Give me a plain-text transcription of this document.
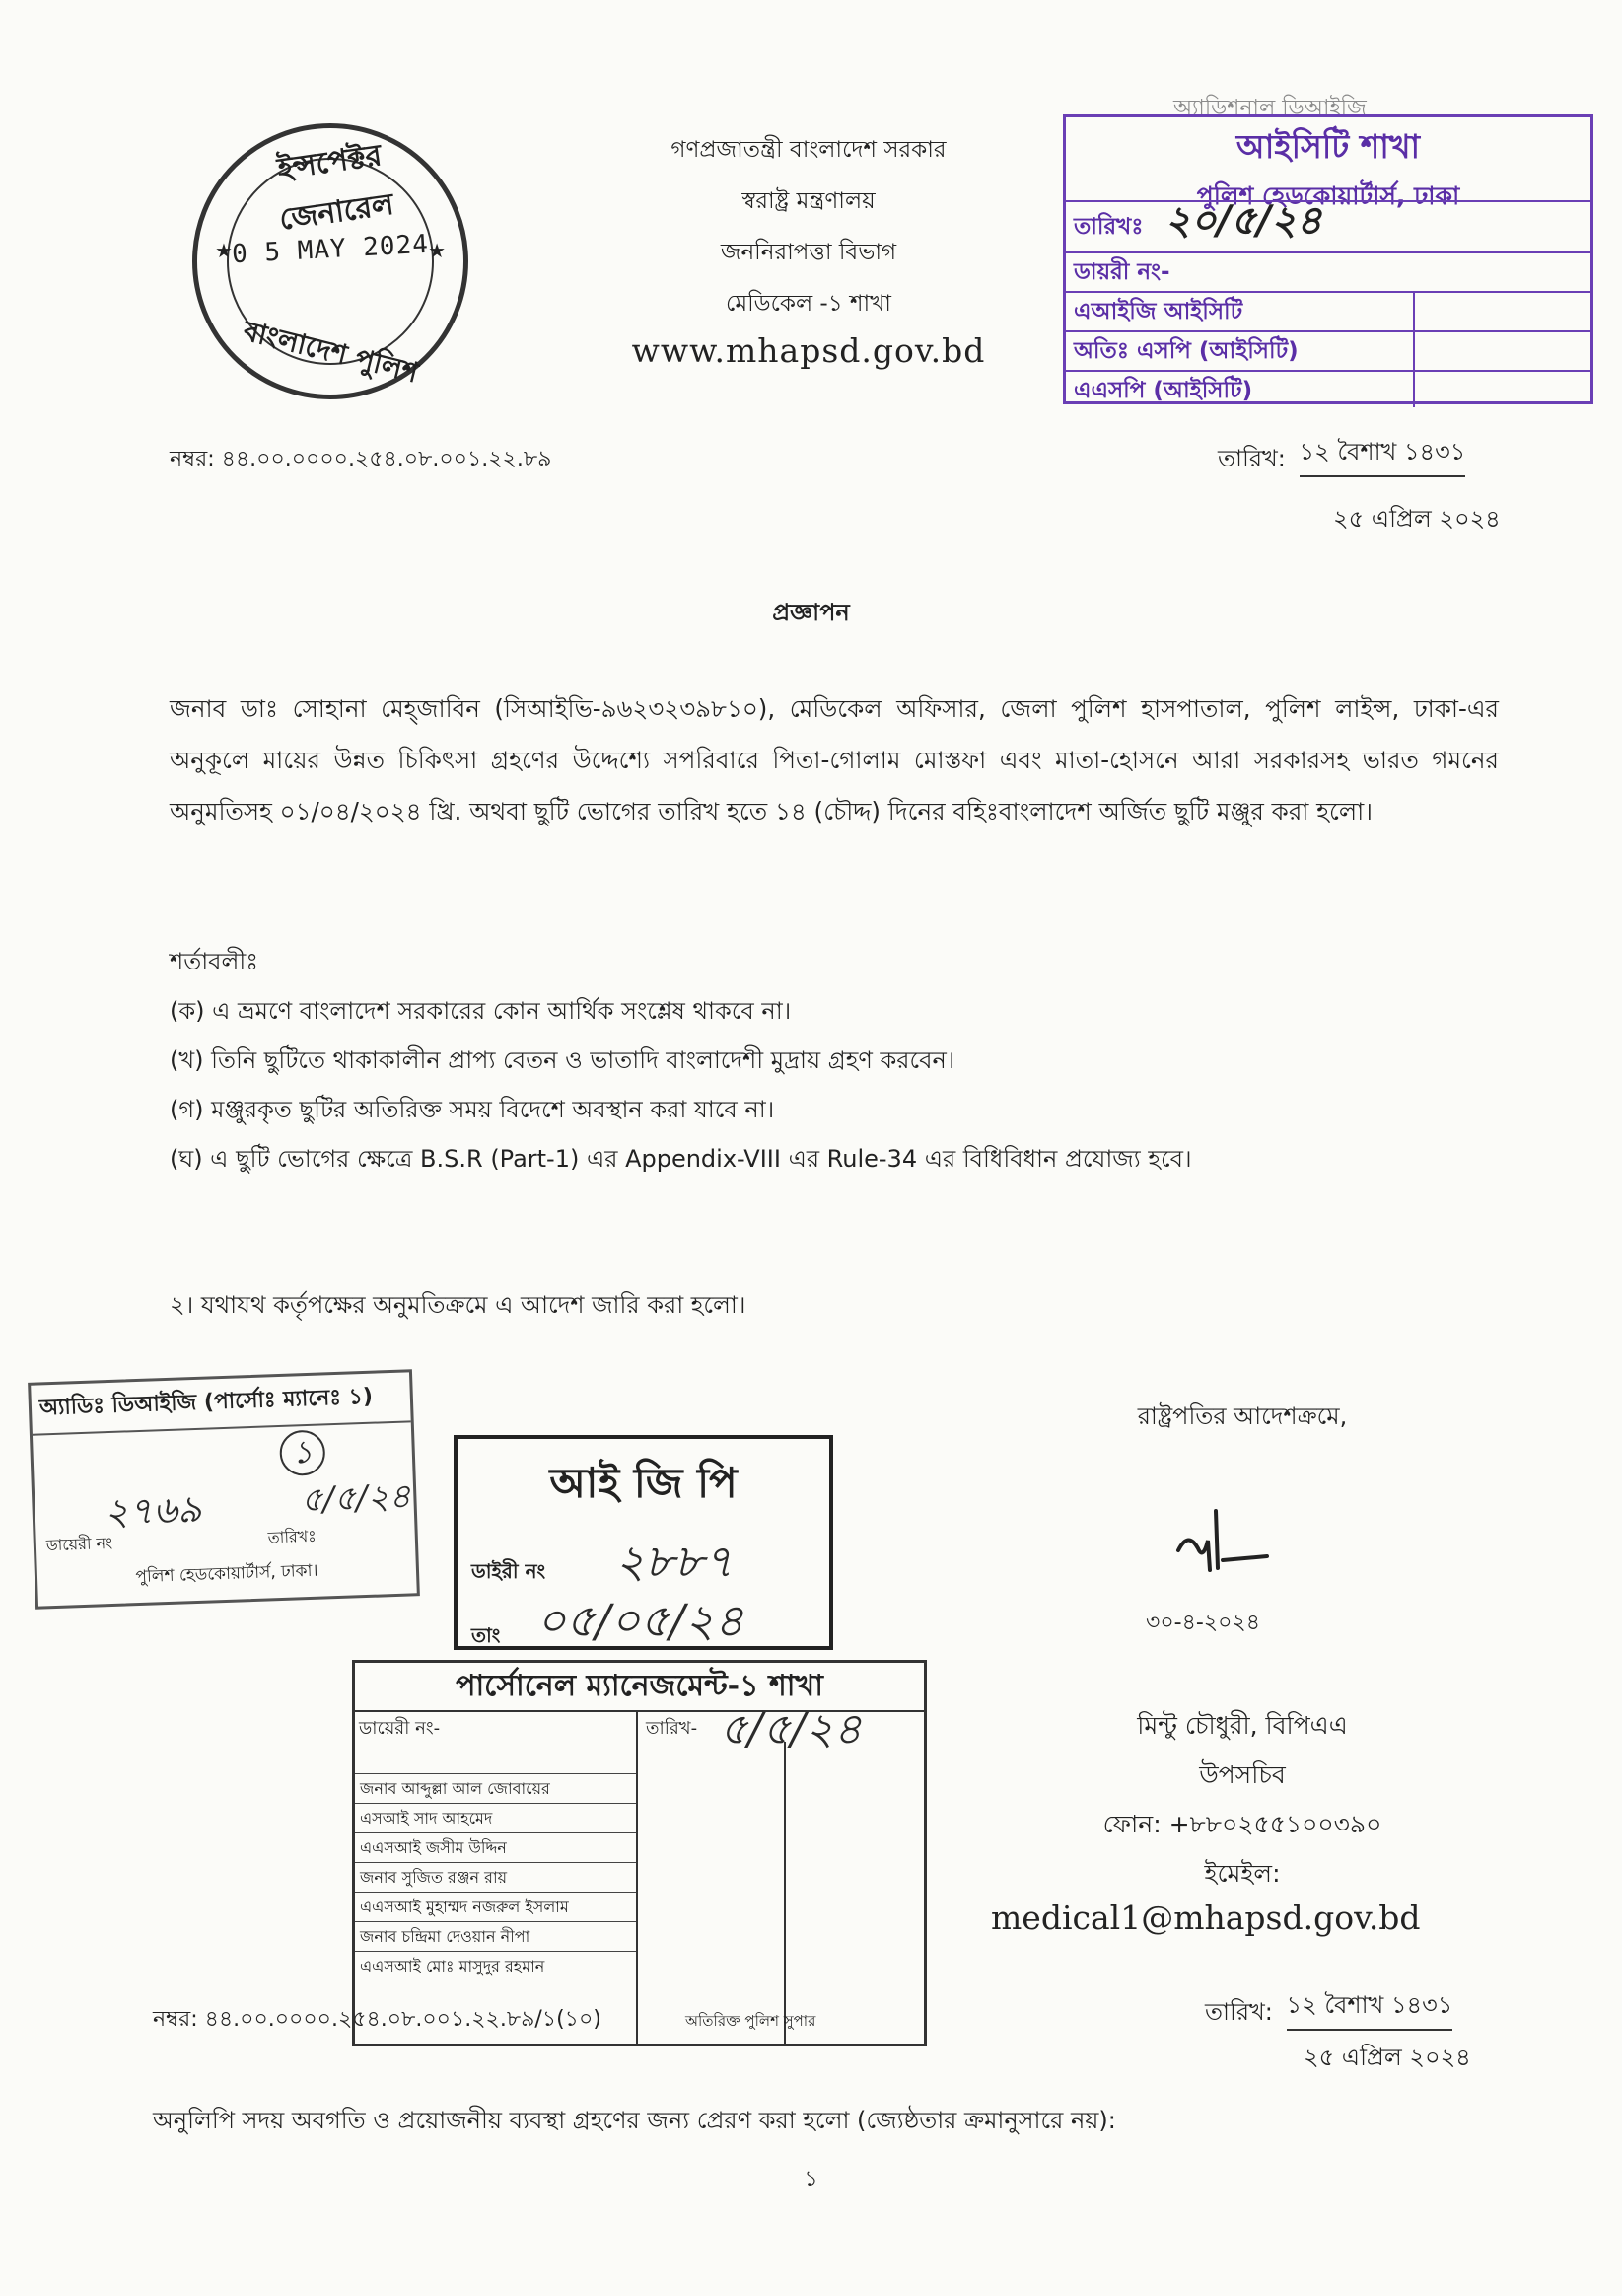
ইন্সপেক্টর জেনারেল
0 5 MAY 2024
বাংলাদেশ পুলিশ
★	★
গণপ্রজাতন্ত্রী বাংলাদেশ সরকার
স্বরাষ্ট্র মন্ত্রণালয়
জননিরাপত্তা বিভাগ
মেডিকেল -১ শাখা
www.mhapsd.gov.bd
অ্যাডিশনাল ডিআইজি
আইসিটি শাখা
পুলিশ হেডকোয়ার্টার্স, ঢাকা
তারিখঃ ২০/৫/২৪
ডায়রী নং-
এআইজি আইসিটি
অতিঃ এসপি (আইসিটি)
এএসপি (আইসিটি)
নম্বর: ৪৪.০০.০০০০.২৫৪.০৮.০০১.২২.৮৯	তারিখ: ১২ বৈশাখ ১৪৩১
২৫ এপ্রিল ২০২৪
প্রজ্ঞাপন

জনাব ডাঃ সোহানা মেহ্জাবিন (সিআইভি-৯৬২৩২৩৯৮১০), মেডিকেল অফিসার, জেলা পুলিশ হাসপাতাল, পুলিশ লাইন্স, ঢাকা-এর অনুকূলে মায়ের উন্নত চিকিৎসা গ্রহণের উদ্দেশ্যে সপরিবারে পিতা-গোলাম মোস্তফা এবং মাতা-হোসনে আরা সরকারসহ ভারত গমনের অনুমতিসহ ০১/০৪/২০২৪ খ্রি. অথবা ছুটি ভোগের তারিখ হতে ১৪ (চৌদ্দ) দিনের বহিঃবাংলাদেশ অর্জিত ছুটি মঞ্জুর করা হলো।

শর্তাবলীঃ
(ক) এ ভ্রমণে বাংলাদেশ সরকারের কোন আর্থিক সংশ্লেষ থাকবে না।
(খ) তিনি ছুটিতে থাকাকালীন প্রাপ্য বেতন ও ভাতাদি বাংলাদেশী মুদ্রায় গ্রহণ করবেন।
(গ) মঞ্জুরকৃত ছুটির অতিরিক্ত সময় বিদেশে অবস্থান করা যাবে না।
(ঘ) এ ছুটি ভোগের ক্ষেত্রে B.S.R (Part-1) এর Appendix-VIII এর Rule-34 এর বিধিবিধান প্রযোজ্য হবে।
২। যথাযথ কর্তৃপক্ষের অনুমতিক্রমে এ আদেশ জারি করা হলো।
রাষ্ট্রপতির আদেশক্রমে,
৩০-৪-২০২৪
মিন্টু চৌধুরী, বিপিএএ
উপসচিব
ফোন: +৮৮০২৫৫১০০৩৯০
ইমেইল:
medical1@mhapsd.gov.bd
অ্যাডিঃ ডিআইজি (পার্সোঃ ম্যানেঃ ১)
১
২৭৬৯	৫/৫/২৪
ডায়েরী নং	তারিখঃ
পুলিশ হেডকোয়ার্টার্স, ঢাকা।
আই জি পি
ডাইরী নং ২৮৮৭
তাং ০৫/০৫/২৪
পার্সোনেল ম্যানেজমেন্ট-১ শাখা
ডায়েরী নং-	তারিখ- ৫/৫/২৪
জনাব আব্দুল্লা আল জোবায়ের
এসআই সাদ আহমেদ
এএসআই জসীম উদ্দিন
জনাব সুজিত রঞ্জন রায়
এএসআই মুহাম্মদ নজরুল ইসলাম
জনাব চন্দ্রিমা দেওয়ান নীপা
এএসআই মোঃ মাসুদুর রহমান
অতিরিক্ত পুলিশ সুপার
নম্বর: ৪৪.০০.০০০০.২৫৪.০৮.০০১.২২.৮৯/১(১০)	তারিখ: ১২ বৈশাখ ১৪৩১
২৫ এপ্রিল ২০২৪
অনুলিপি সদয় অবগতি ও প্রয়োজনীয় ব্যবস্থা গ্রহণের জন্য প্রেরণ করা হলো (জ্যেষ্ঠতার ক্রমানুসারে নয়):
১
